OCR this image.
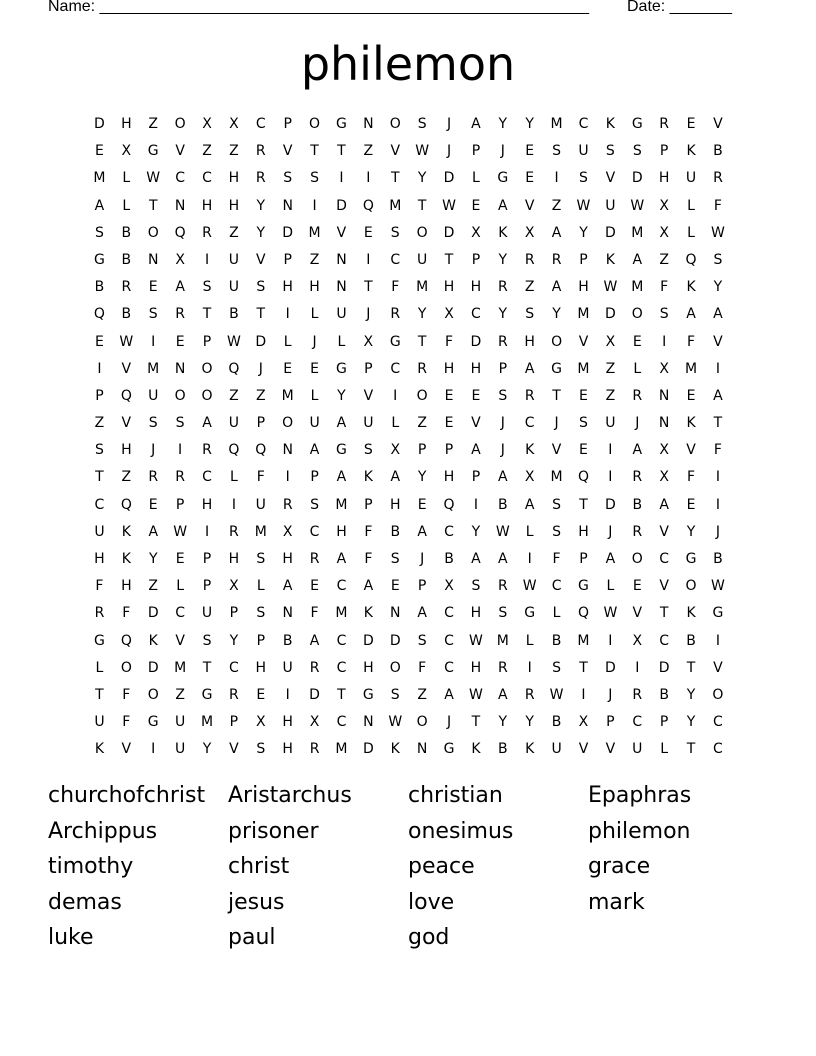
Name: _______________________________________________________ Date: _______
philemon
D	H	Z	O	X	X	C	P	O	G	N	O	S	J	A	Y	Y	M	C	K	G	R	E	V
E	X	G	V	Z	Z	R	V	T	T	Z	V	W	J	P	J	E	S	U	S	S	P	K	B
M	L	W	C	C	H	R	S	S	I	I	T	Y	D	L	G	E	I	S	V	D	H	U	R
A	L	T	N	H	H	Y	N	I	D	Q	M	T	W	E	A	V	Z	W	U	W	X	L	F
S	B	O	Q	R	Z	Y	D	M	V	E	S	O	D	X	K	X	A	Y	D	M	X	L	W
G	B	N	X	I	U	V	P	Z	N	I	C	U	T	P	Y	R	R	P	K	A	Z	Q	S
B	R	E	A	S	U	S	H	H	N	T	F	M	H	H	R	Z	A	H	W M	F	K	Y
Q	B	S	R	T	B	T	I	L	U	J	R	Y	X	C	Y	S	Y	M	D	O	S	A	A
E	W	I	E	P	W	D	L	J	L	X	G	T	F	D	R	H	O	V	X	E	I	F	V
I	V	M	N	O	Q	J	E	E	G	P	C	R	H	H	P	A	G	M	Z	L	X	M	I
P	Q	U	O	O	Z	Z	M	L	Y	V	I	O	E	E	S	R	T	E	Z	R	N	E	A
Z	V	S	S	A	U	P	O	U	A	U	L	Z	E	V	J	C	J	S	U	J	N	K	T
S	H	J	I	R	Q	Q	N	A	G	S	X	P	P	A	J	K	V	E	I	A	X	V	F
T	Z	R	R	C	L	F	I	P	A	K	A	Y	H	P	A	X	M	Q	I	R	X	F	I
C	Q	E	P	H	I	U	R	S	M	P	H	E	Q	I	B	A	S	T	D	B	A	E	I
U	K	A	W	I	R	M	X	C	H	F	B	A	C	Y	W	L	S	H	J	R	V	Y	J
H	K	Y	E	P	H	S	H	R	A	F	S	J	B	A	A	I	F	P	A	O	C	G	B
F	H	Z	L	P	X	L	A	E	C	A	E	P	X	S	R	W	C	G	L	E	V	O	W
R	F	D	C	U	P	S	N	F	M	K	N	A	C	H	S	G	L	Q	W	V	T	K	G
G	Q	K	V	S	Y	P	B	A	C	D	D	S	C	W M	L	B	M	I	X	C	B	I
L	O	D	M	T	C	H	U	R	C	H	O	F	C	H	R	I	S	T	D	I	D	T	V
T	F	O	Z	G	R	E	I	D	T	G	S	Z	A	W	A	R	W	I	J	R	B	Y	O
U	F	G	U	M	P	X	H	X	C	N	W	O	J	T	Y	Y	B	X	P	C	P	Y	C
K	V	I	U	Y	V	S	H	R	M	D	K	N	G	K	B	K	U	V	V	U	L	T	C
churchofchrist	Aristarchus	christian	Epaphras
Archippus	prisoner	onesimus	philemon
timothy	christ	peace	grace
demas	jesus	love	mark
luke	paul	god
